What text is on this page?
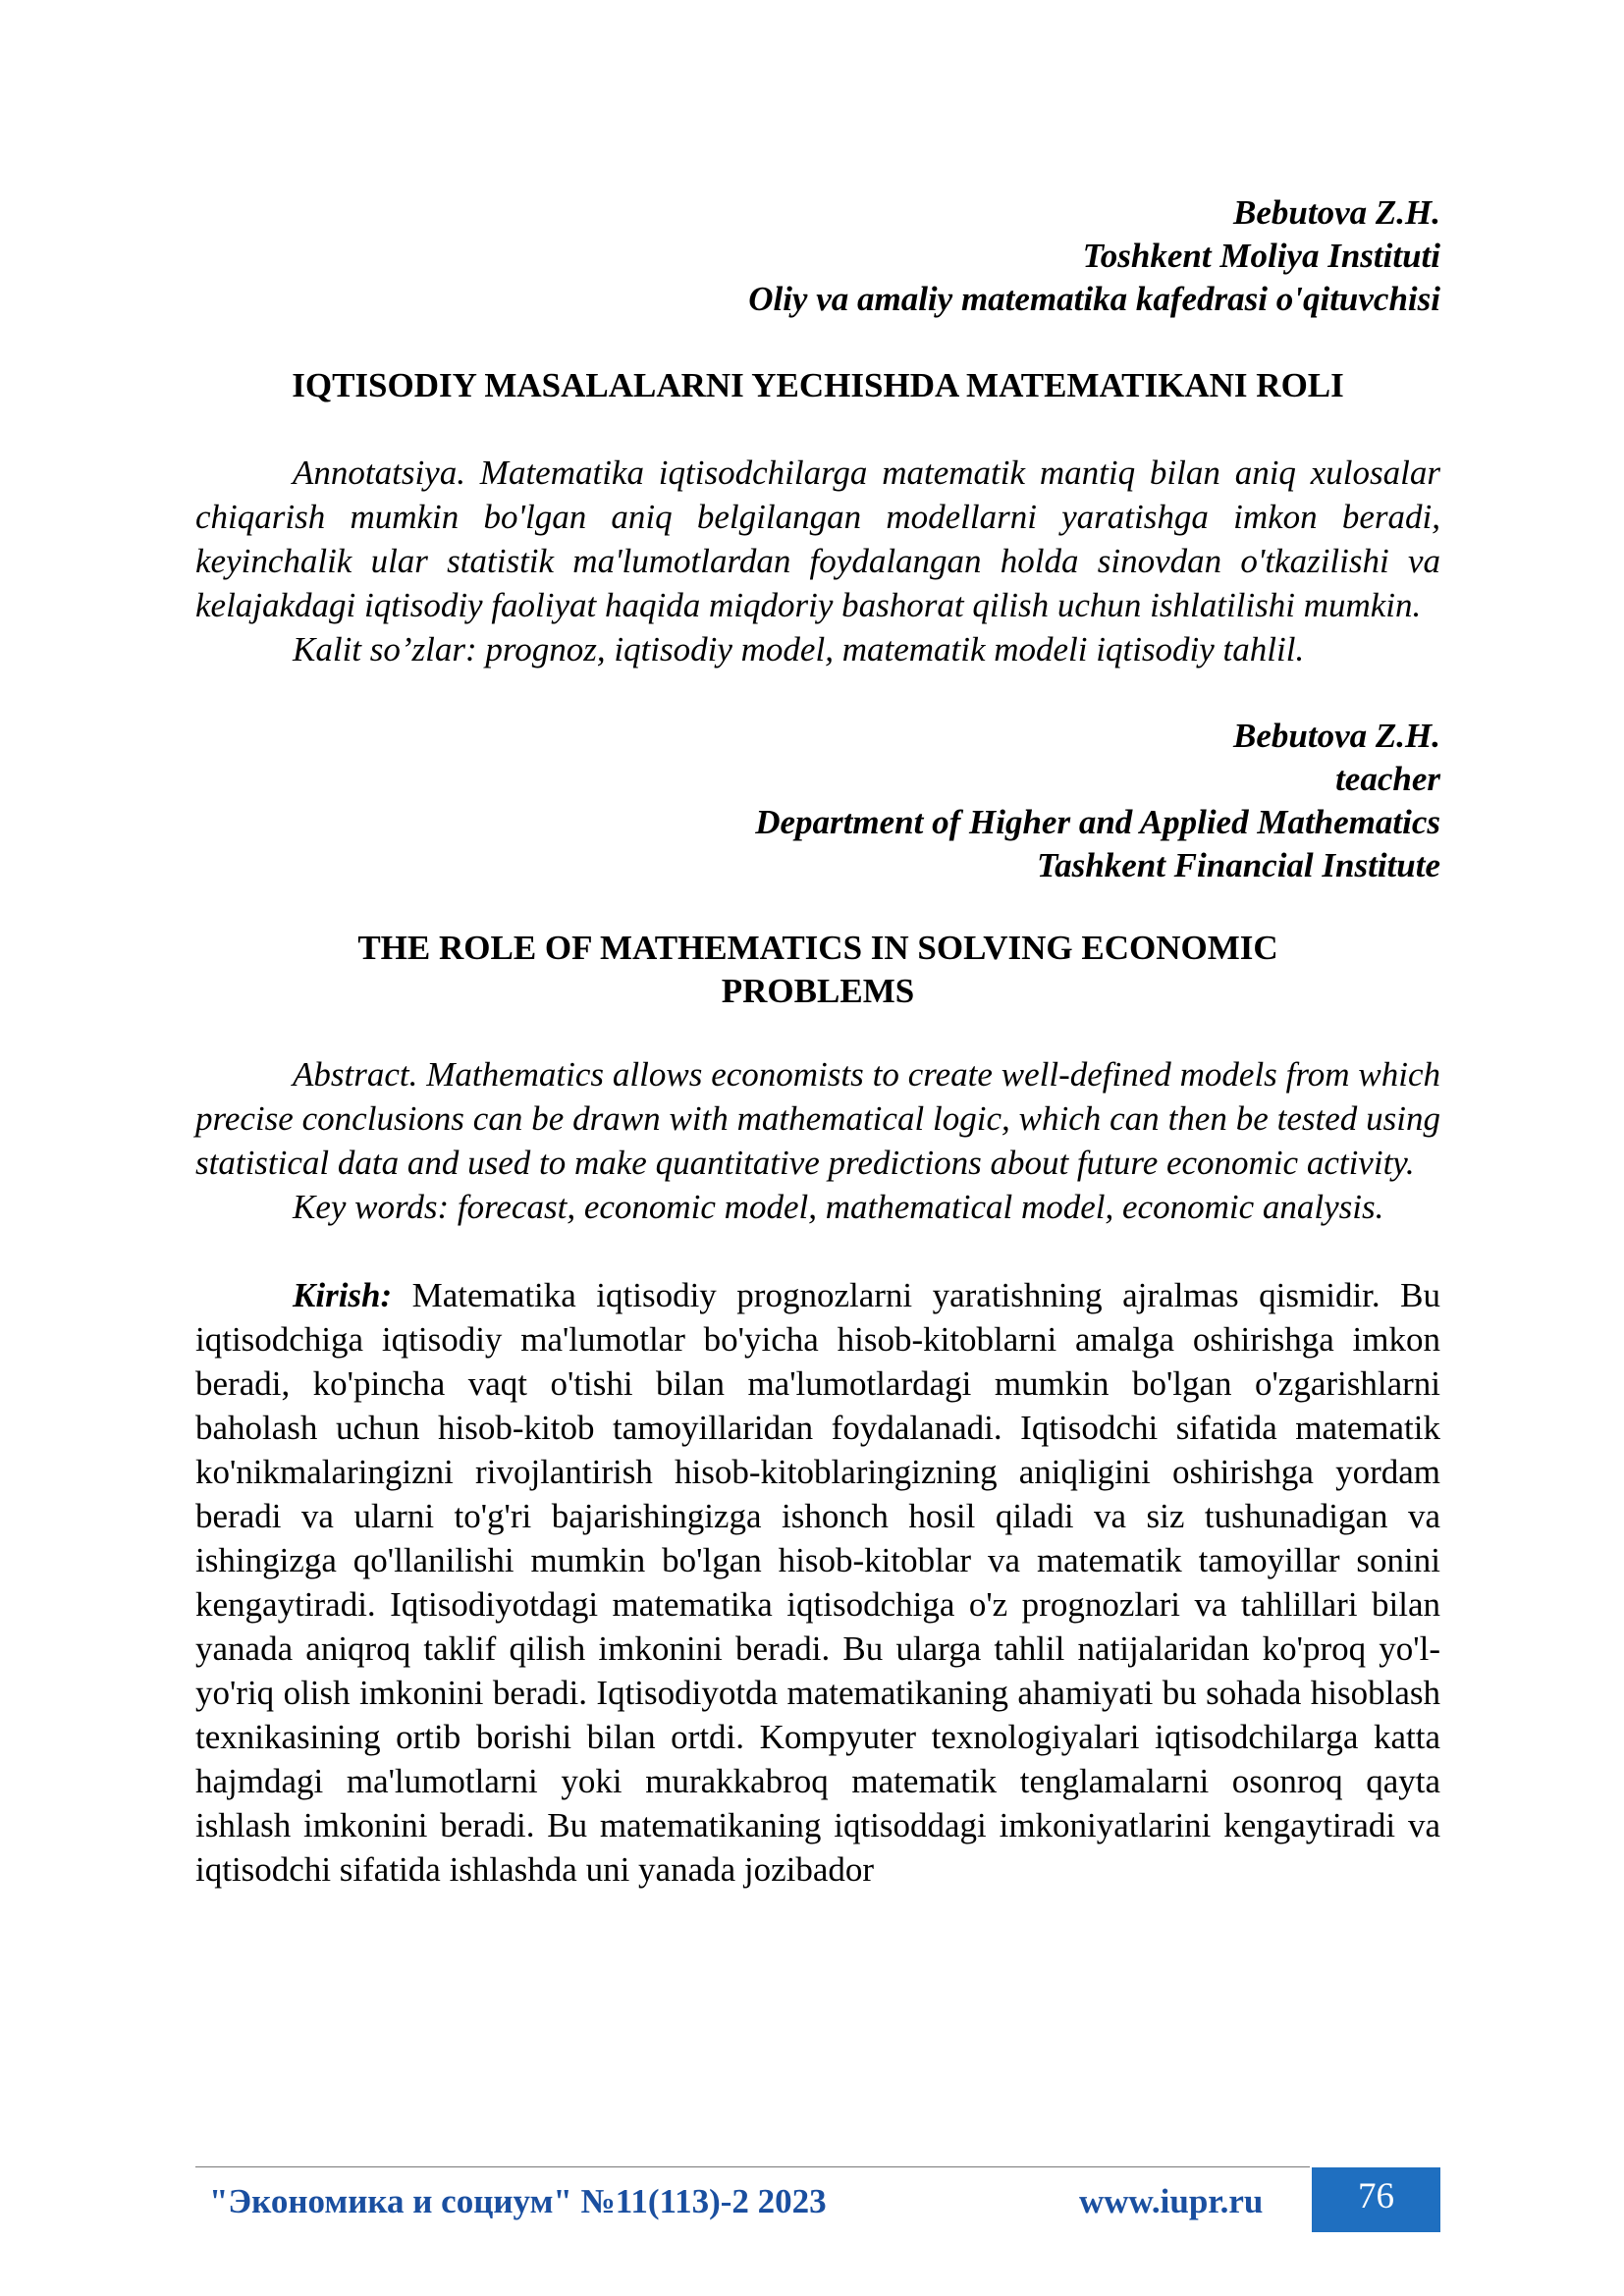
Bebutova Z.H.
Toshkent Moliya Instituti
Oliy va amaliy matematika kafedrasi o'qituvchisi
IQTISODIY MASALALARNI YECHISHDA MATEMATIKANI ROLI

Annotatsiya. Matematika iqtisodchilarga matematik mantiq bilan aniq xulosalar chiqarish mumkin bo'lgan aniq belgilangan modellarni yaratishga imkon beradi, keyinchalik ular statistik ma'lumotlardan foydalangan holda sinovdan o'tkazilishi va kelajakdagi iqtisodiy faoliyat haqida miqdoriy bashorat qilish uchun ishlatilishi mumkin.

Kalit so’zlar: prognoz, iqtisodiy model, matematik modeli iqtisodiy tahlil.

Bebutova Z.H.
teacher
Department of Higher and Applied Mathematics
Tashkent Financial Institute
THE ROLE OF MATHEMATICS IN SOLVING ECONOMIC
PROBLEMS

Abstract. Mathematics allows economists to create well-defined models from which precise conclusions can be drawn with mathematical logic, which can then be tested using statistical data and used to make quantitative predictions about future economic activity.

Key words: forecast, economic model, mathematical model, economic analysis.

Kirish: Matematika iqtisodiy prognozlarni yaratishning ajralmas qismidir. Bu iqtisodchiga iqtisodiy ma'lumotlar bo'yicha hisob-kitoblarni amalga oshirishga imkon beradi, ko'pincha vaqt o'tishi bilan ma'lumotlardagi mumkin bo'lgan o'zgarishlarni baholash uchun hisob-kitob tamoyillaridan foydalanadi. Iqtisodchi sifatida matematik ko'nikmalaringizni rivojlantirish hisob-kitoblaringizning aniqligini oshirishga yordam beradi va ularni to'g'ri bajarishingizga ishonch hosil qiladi va siz tushunadigan va ishingizga qo'llanilishi mumkin bo'lgan hisob-kitoblar va matematik tamoyillar sonini kengaytiradi. Iqtisodiyotdagi matematika iqtisodchiga o'z prognozlari va tahlillari bilan yanada aniqroq taklif qilish imkonini beradi. Bu ularga tahlil natijalaridan ko'proq yo'l-yo'riq olish imkonini beradi. Iqtisodiyotda matematikaning ahamiyati bu sohada hisoblash texnikasining ortib borishi bilan ortdi. Kompyuter texnologiyalari iqtisodchilarga katta hajmdagi ma'lumotlarni yoki murakkabroq matematik tenglamalarni osonroq qayta ishlash imkonini beradi. Bu matematikaning iqtisoddagi imkoniyatlarini kengaytiradi va iqtisodchi sifatida ishlashda uni yanada jozibador

"Экономика и социум" №11(113)-2 2023	www.iupr.ru	76
